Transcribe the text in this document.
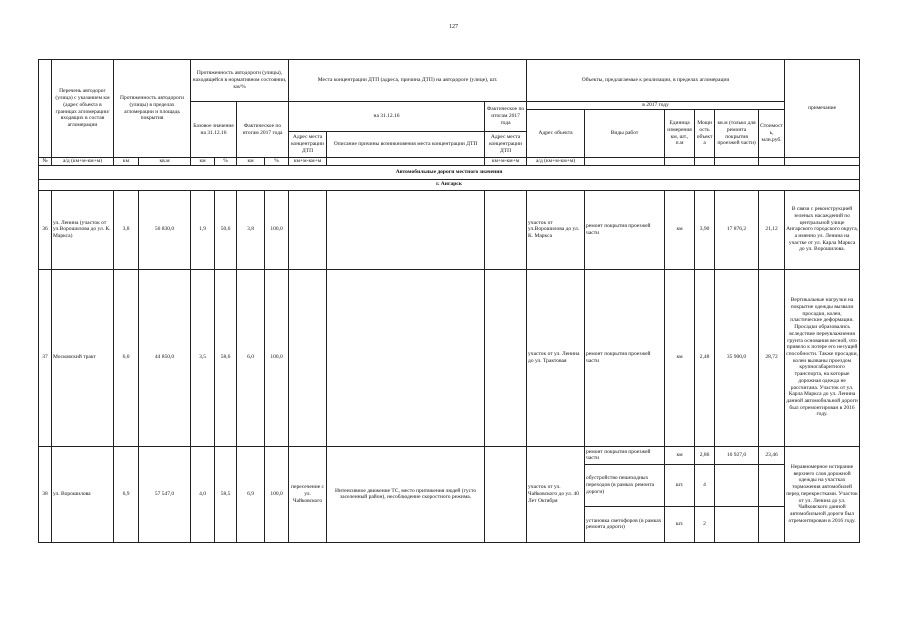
127
	Перечень автодорог (улица) с указанием км (адрес объекта в границах агломерации/входящих в состав агломерации	Протяженность автодороги (улицы) в пределах агломерации и площадь покрытия		Протяженность автодороги (улицы), находящейся в нормативном состоянии, км/%				Места концентрации ДТП (адреса, причина ДТП) на автодороге (улице), шт.			Объекты, предлагаемые к реализации, в пределах агломерации						примечание
				Базовое значение на 31.12.16		Фактическое по итогам 2017 года		на 31.12.16		Фактическое по итогам 2017 года	в 2017 году						
											Адрес объекта	Виды работ	Единица измерения км, шт., п.м	Мощность объекта	кв.м (только для ремонта покрытия проезжей части)	Стоимость, млн.руб.	
								Адрес места концентрации ДТП	Описание причины возникновения места концентрации ДТП	Адрес места концентрации ДТП							
№	а/д (км+м-км+м)	км	кв.м	км	%	км	%	км+м-км+м		км+м-км+м	а/д (км+м-км+м)						
Автомобильные дороги местного значения																	
г. Ангарск																	
36	ул. Ленина (участок от ул.Ворошилова до ул. К. Маркса)	3,8	56 830,0	1,9	50,6	3,8	100,0				участок от ул.Ворошилова до ул. К. Маркса	ремонт покрытия проезжей части	км	3,90	17 876,2	21,12	В связи с реконструкцией зеленых насаждений по центральной улице Ангарского городского округа, а именно ул. Ленина на участке от ул. Карла Маркса до ул. Ворошилова.
37	Московский тракт	6,0	44 850,0	3,5	58,6	6,0	100,0				участок от ул. Ленина до ул. Трактовая	ремонт покрытия проезжей части	км	2,48	35 900,0	28,72	Вертикальные нагрузки на покрытие одежды вызвали просадки, колеи, пластические деформации. Просадки образовались вследствие переувлажнения грунта основания весной, что привело к потере его несущей способности. Также просадки, колеи вызваны проездом крупногабаритного транспорта, на которые дорожная одежда не рассчитана. Участок от ул. Карла Маркса до ул. Ленина данной автомобильной дороги был отремонтирован в 2016 году.
38	ул. Ворошилова	6,9	57 547,0	4,0	58,5	6,9	100,0	пересечение с ул. Чайковского	Интенсивное движение ТС, место притяжения людей (густо заселенный район), несоблюдение скоростного режима.		участок от ул. Чайковского до ул. 40 Лет Октября	ремонт покрытия проезжей части	км	2,86	16 927,0	23,46	Неравномерное истирание верхнего слоя дорожной одежды на участках торможения автомобилей перед перекрестками. Участок от ул. Ленина до ул. Чайковского данной автомобильной дороги был отремонтирован в 2016 году.
												обустройство пешеходных переходов (в рамках ремонта дороги)	шт.	4			
												установка светофоров (в рамках ремонта дороги)	шт.	2			
